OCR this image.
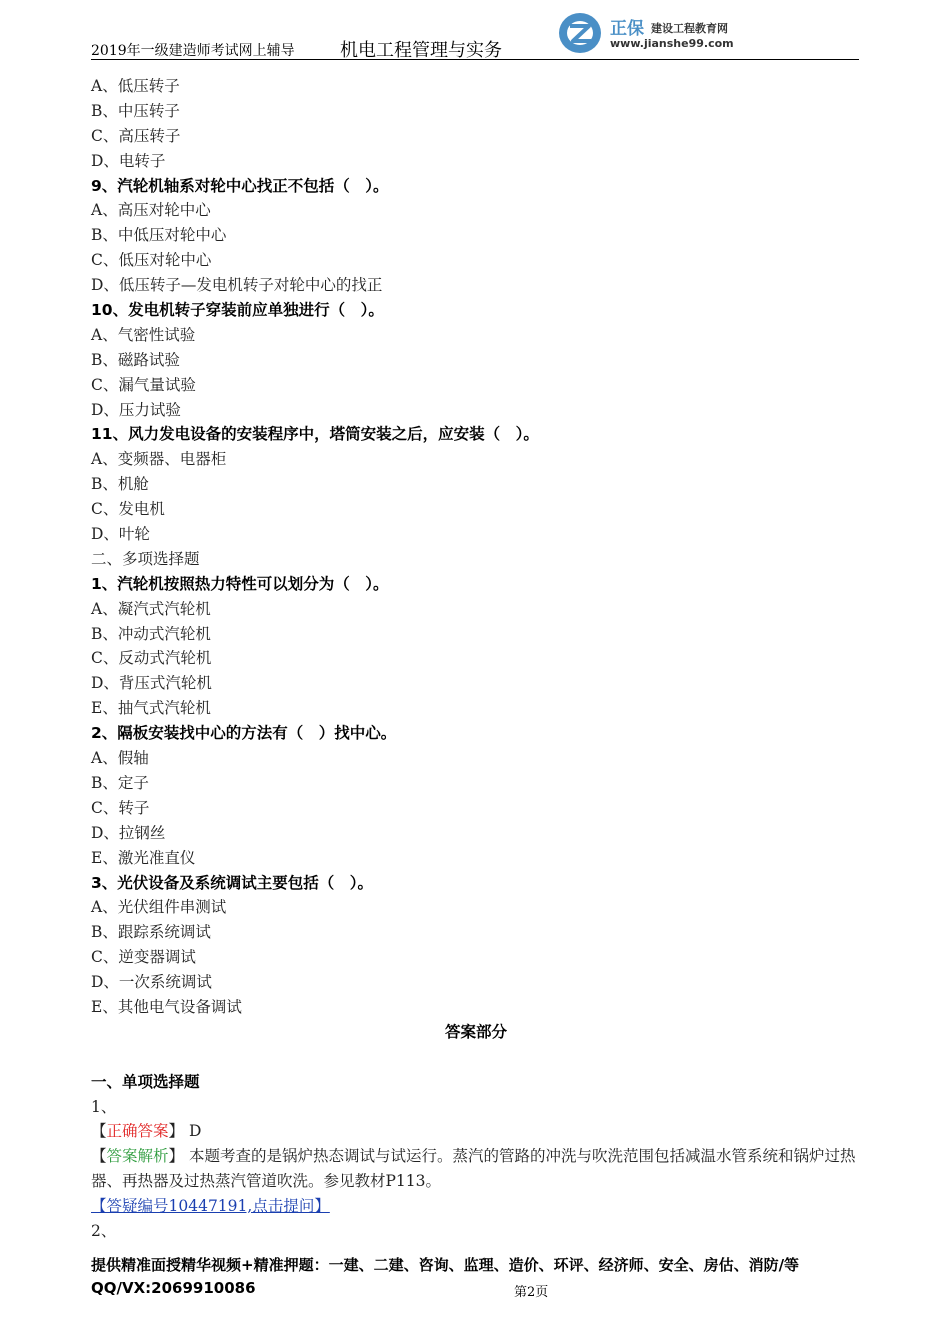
2019年一级建造师考试网上辅导	机电工程管理与实务
正保 建设工程教育网
www.jianshe99.com
A、低压转子
B、中压转子
C、高压转子
D、电转子
9、汽轮机轴系对轮中心找正不包括（　）。
A、高压对轮中心
B、中低压对轮中心
C、低压对轮中心
D、低压转子—发电机转子对轮中心的找正
10、发电机转子穿装前应单独进行（　）。
A、气密性试验
B、磁路试验
C、漏气量试验
D、压力试验
11、风力发电设备的安装程序中，塔筒安装之后，应安装（　）。
A、变频器、电器柜
B、机舱
C、发电机
D、叶轮
二、多项选择题
1、汽轮机按照热力特性可以划分为（　）。
A、凝汽式汽轮机
B、冲动式汽轮机
C、反动式汽轮机
D、背压式汽轮机
E、抽气式汽轮机
2、隔板安装找中心的方法有（　）找中心。
A、假轴
B、定子
C、转子
D、拉钢丝
E、激光准直仪
3、光伏设备及系统调试主要包括（　）。
A、光伏组件串测试
B、跟踪系统调试
C、逆变器调试
D、一次系统调试
E、其他电气设备调试
答案部分
一、单项选择题
1、
【正确答案】 D
【答案解析】 本题考查的是锅炉热态调试与试运行。蒸汽的管路的冲洗与吹洗范围包括减温水管系统和锅炉过热器、再热器及过热蒸汽管道吹洗。参见教材P113。
【答疑编号10447191,点击提问】
2、
提供精准面授精华视频+精准押题：一建、二建、咨询、监理、造价、环评、经济师、安全、房估、消防/等
QQ/VX:2069910086	第2页
